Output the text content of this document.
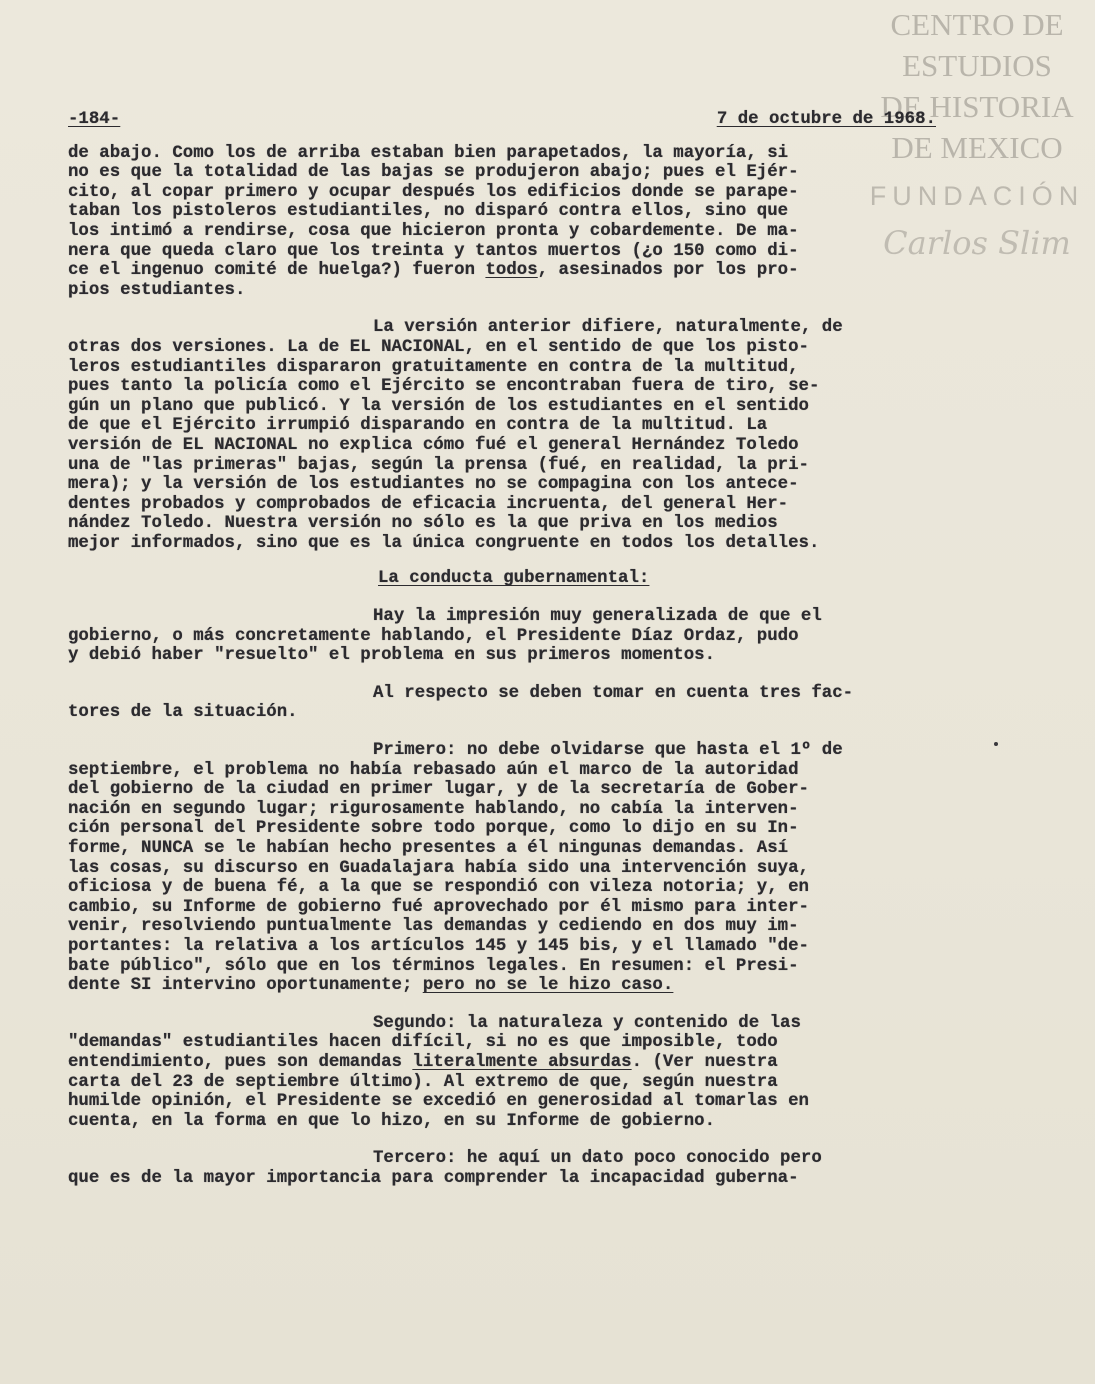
CENTRO DE
ESTUDIOS
DE HISTORIA
DE MEXICO
FUNDACIÓN
Carlos Slim
-184-	7 de octubre de 1968.
de abajo. Como los de arriba estaban bien parapetados, la mayoría, si
no es que la totalidad de las bajas se produjeron abajo; pues el Ejér-
cito, al copar primero y ocupar después los edificios donde se parape-
taban los pistoleros estudiantiles, no disparó contra ellos, sino que
los intimó a rendirse, cosa que hicieron pronta y cobardemente. De ma-
nera que queda claro que los treinta y tantos muertos (¿o 150 como di-
ce el ingenuo comité de huelga?) fueron todos, asesinados por los pro-
pios estudiantes.
La versión anterior difiere, naturalmente, de
otras dos versiones. La de EL NACIONAL, en el sentido de que los pisto-
leros estudiantiles dispararon gratuitamente en contra de la multitud,
pues tanto la policía como el Ejército se encontraban fuera de tiro, se-
gún un plano que publicó. Y la versión de los estudiantes en el sentido
de que el Ejército irrumpió disparando en contra de la multitud. La
versión de EL NACIONAL no explica cómo fué el general Hernández Toledo
una de "las primeras" bajas, según la prensa (fué, en realidad, la pri-
mera); y la versión de los estudiantes no se compagina con los antece-
dentes probados y comprobados de eficacia incruenta, del general Her-
nández Toledo. Nuestra versión no sólo es la que priva en los medios
mejor informados, sino que es la única congruente en todos los detalles.
La conducta gubernamental:
Hay la impresión muy generalizada de que el
gobierno, o más concretamente hablando, el Presidente Díaz Ordaz, pudo
y debió haber "resuelto" el problema en sus primeros momentos.
Al respecto se deben tomar en cuenta tres fac-
tores de la situación.
Primero: no debe olvidarse que hasta el 1º de
septiembre, el problema no había rebasado aún el marco de la autoridad
del gobierno de la ciudad en primer lugar, y de la secretaría de Gober-
nación en segundo lugar; rigurosamente hablando, no cabía la interven-
ción personal del Presidente sobre todo porque, como lo dijo en su In-
forme, NUNCA se le habían hecho presentes a él ningunas demandas. Así
las cosas, su discurso en Guadalajara había sido una intervención suya,
oficiosa y de buena fé, a la que se respondió con vileza notoria; y, en
cambio, su Informe de gobierno fué aprovechado por él mismo para inter-
venir, resolviendo puntualmente las demandas y cediendo en dos muy im-
portantes: la relativa a los artículos 145 y 145 bis, y el llamado "de-
bate público", sólo que en los términos legales. En resumen: el Presi-
dente SI intervino oportunamente; pero no se le hizo caso.
Segundo: la naturaleza y contenido de las
"demandas" estudiantiles hacen difícil, si no es que imposible, todo
entendimiento, pues son demandas literalmente absurdas. (Ver nuestra
carta del 23 de septiembre último). Al extremo de que, según nuestra
humilde opinión, el Presidente se excedió en generosidad al tomarlas en
cuenta, en la forma en que lo hizo, en su Informe de gobierno.
Tercero: he aquí un dato poco conocido pero
que es de la mayor importancia para comprender la incapacidad guberna-
